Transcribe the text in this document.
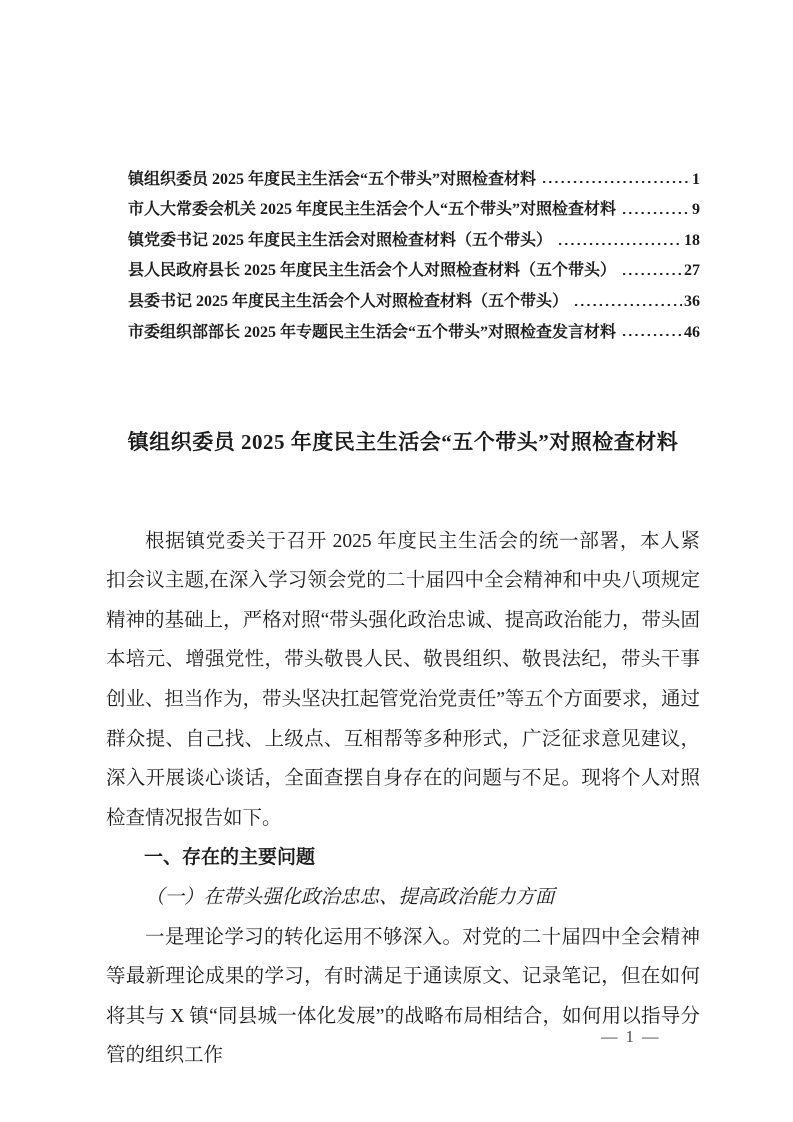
镇组织委员 2025 年度民主生活会“五个带头”对照检查材料	1
市人大常委会机关 2025 年度民主生活会个人“五个带头”对照检查材料	9
镇党委书记 2025 年度民主生活会对照检查材料（五个带头）	18
县人民政府县长 2025 年度民主生活会个人对照检查材料（五个带头）	27
县委书记 2025 年度民主生活会个人对照检查材料（五个带头）	36
市委组织部部长 2025 年专题民主生活会“五个带头”对照检查发言材料	46
镇组织委员 2025 年度民主生活会“五个带头”对照检查材料

根据镇党委关于召开 2025 年度民主生活会的统一部署，本人紧扣会议主题,在深入学习领会党的二十届四中全会精神和中央八项规定精神的基础上，严格对照“带头强化政治忠诚、提高政治能力，带头固本培元、增强党性，带头敬畏人民、敬畏组织、敬畏法纪，带头干事创业、担当作为，带头坚决扛起管党治党责任”等五个方面要求，通过群众提、自己找、上级点、互相帮等多种形式，广泛征求意见建议，深入开展谈心谈话，全面查摆自身存在的问题与不足。现将个人对照检查情况报告如下。

一、存在的主要问题
（一）在带头强化政治忠忠、提高政治能力方面

一是理论学习的转化运用不够深入。对党的二十届四中全会精神等最新理论成果的学习，有时满足于通读原文、记录笔记，但在如何将其与 X 镇“同县城一体化发展”的战略布局相结合，如何用以指导分管的组织工作

— 1 —
